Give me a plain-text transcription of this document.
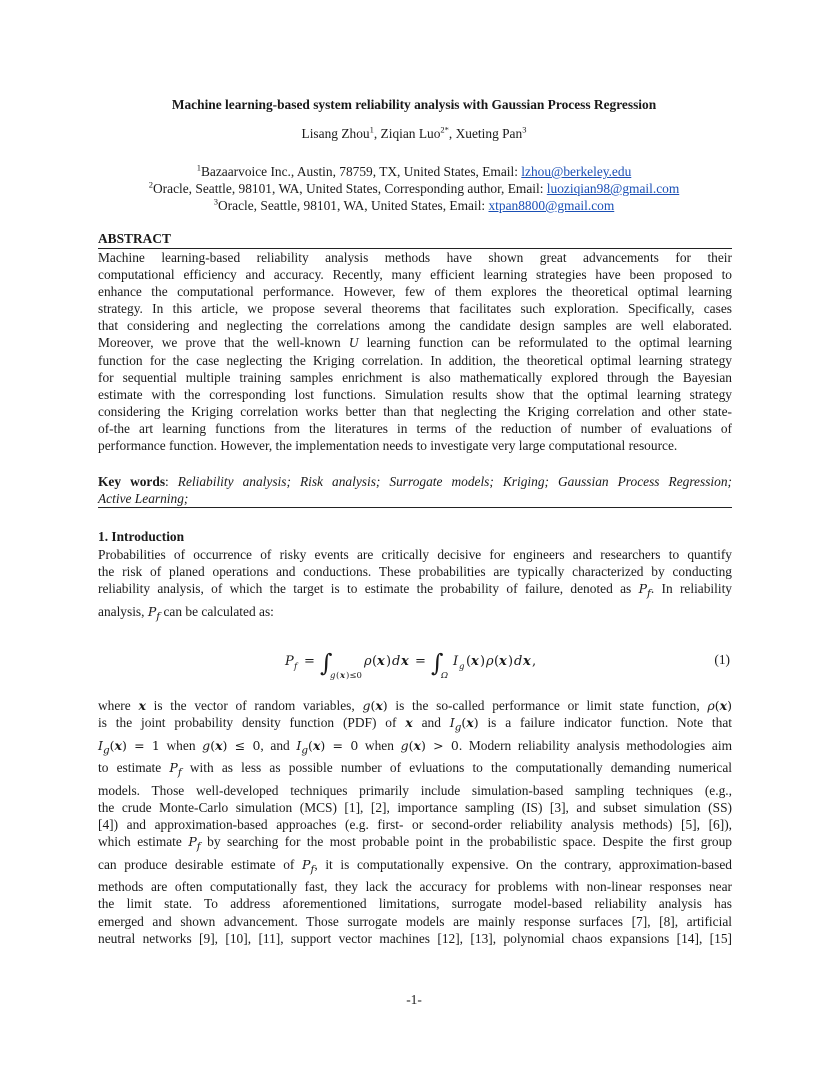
Machine learning-based system reliability analysis with Gaussian Process Regression
Lisang Zhou$^1$, Ziqian Luo$^{2*}$, Xueting Pan$^3$
$^1$Bazaarvoice Inc., Austin, 78759, TX, United States, Email: lzhou@berkeley.edu
$^2$Oracle, Seattle, 98101, WA, United States, Corresponding author, Email: luoziqian98@gmail.com
$^3$Oracle, Seattle, 98101, WA, United States, Email: xtpan8800@gmail.com
ABSTRACT
Machine learning-based reliability analysis methods have shown great advancements for their
computational efficiency and accuracy. Recently, many efficient learning strategies have been proposed to
enhance the computational performance. However, few of them explores the theoretical optimal learning
strategy. In this article, we propose several theorems that facilitates such exploration. Specifically, cases
that considering and neglecting the correlations among the candidate design samples are well elaborated.
Moreover, we prove that the well-known U learning function can be reformulated to the optimal learning
function for the case neglecting the Kriging correlation. In addition, the theoretical optimal learning strategy
for sequential multiple training samples enrichment is also mathematically explored through the Bayesian
estimate with the corresponding lost functions. Simulation results show that the optimal learning strategy
considering the Kriging correlation works better than that neglecting the Kriging correlation and other state-
of-the art learning functions from the literatures in terms of the reduction of number of evaluations of
performance function. However, the implementation needs to investigate very large computational resource.
Key words: Reliability analysis; Risk analysis; Surrogate models; Kriging; Gaussian Process Regression;
Active Learning;
1. Introduction
Probabilities of occurrence of risky events are critically decisive for engineers and researchers to quantify
the risk of planed operations and conductions. These probabilities are typically characterized by conducting
reliability analysis, of which the target is to estimate the probability of failure, denoted as $P_f$. In reliability
analysis, $P_f$ can be calculated as:
P f = ∫
g ( x )≤0
ρ ( x ) d x = ∫
Ω
I g ( x ) ρ ( x ) d x ,	(1)
where x is the vector of random variables, g(x) is the so-called performance or limit state function, ρ(x)
is the joint probability density function (PDF) of x and $I_g(x)$ is a failure indicator function. Note that
$I_g(x) = 1$ when g(x) ≤ 0, and $I_g(x) = 0$ when g(x) > 0. Modern reliability analysis methodologies aim
to estimate $P_f$ with as less as possible number of evluations to the computationally demanding numerical
models. Those well-developed techniques primarily include simulation-based sampling techniques (e.g.,
the crude Monte-Carlo simulation (MCS) [1], [2], importance sampling (IS) [3], and subset simulation (SS)
[4]) and approximation-based approaches (e.g. first- or second-order reliability analysis methods) [5], [6]),
which estimate $P_f$ by searching for the most probable point in the probabilistic space. Despite the first group
can produce desirable estimate of $P_f$, it is computationally expensive. On the contrary, approximation-based
methods are often computationally fast, they lack the accuracy for problems with non-linear responses near
the limit state. To address aforementioned limitations, surrogate model-based reliability analysis has
emerged and shown advancement. Those surrogate models are mainly response surfaces [7], [8], artificial
neutral networks [9], [10], [11], support vector machines [12], [13], polynomial chaos expansions [14], [15]
-1-
